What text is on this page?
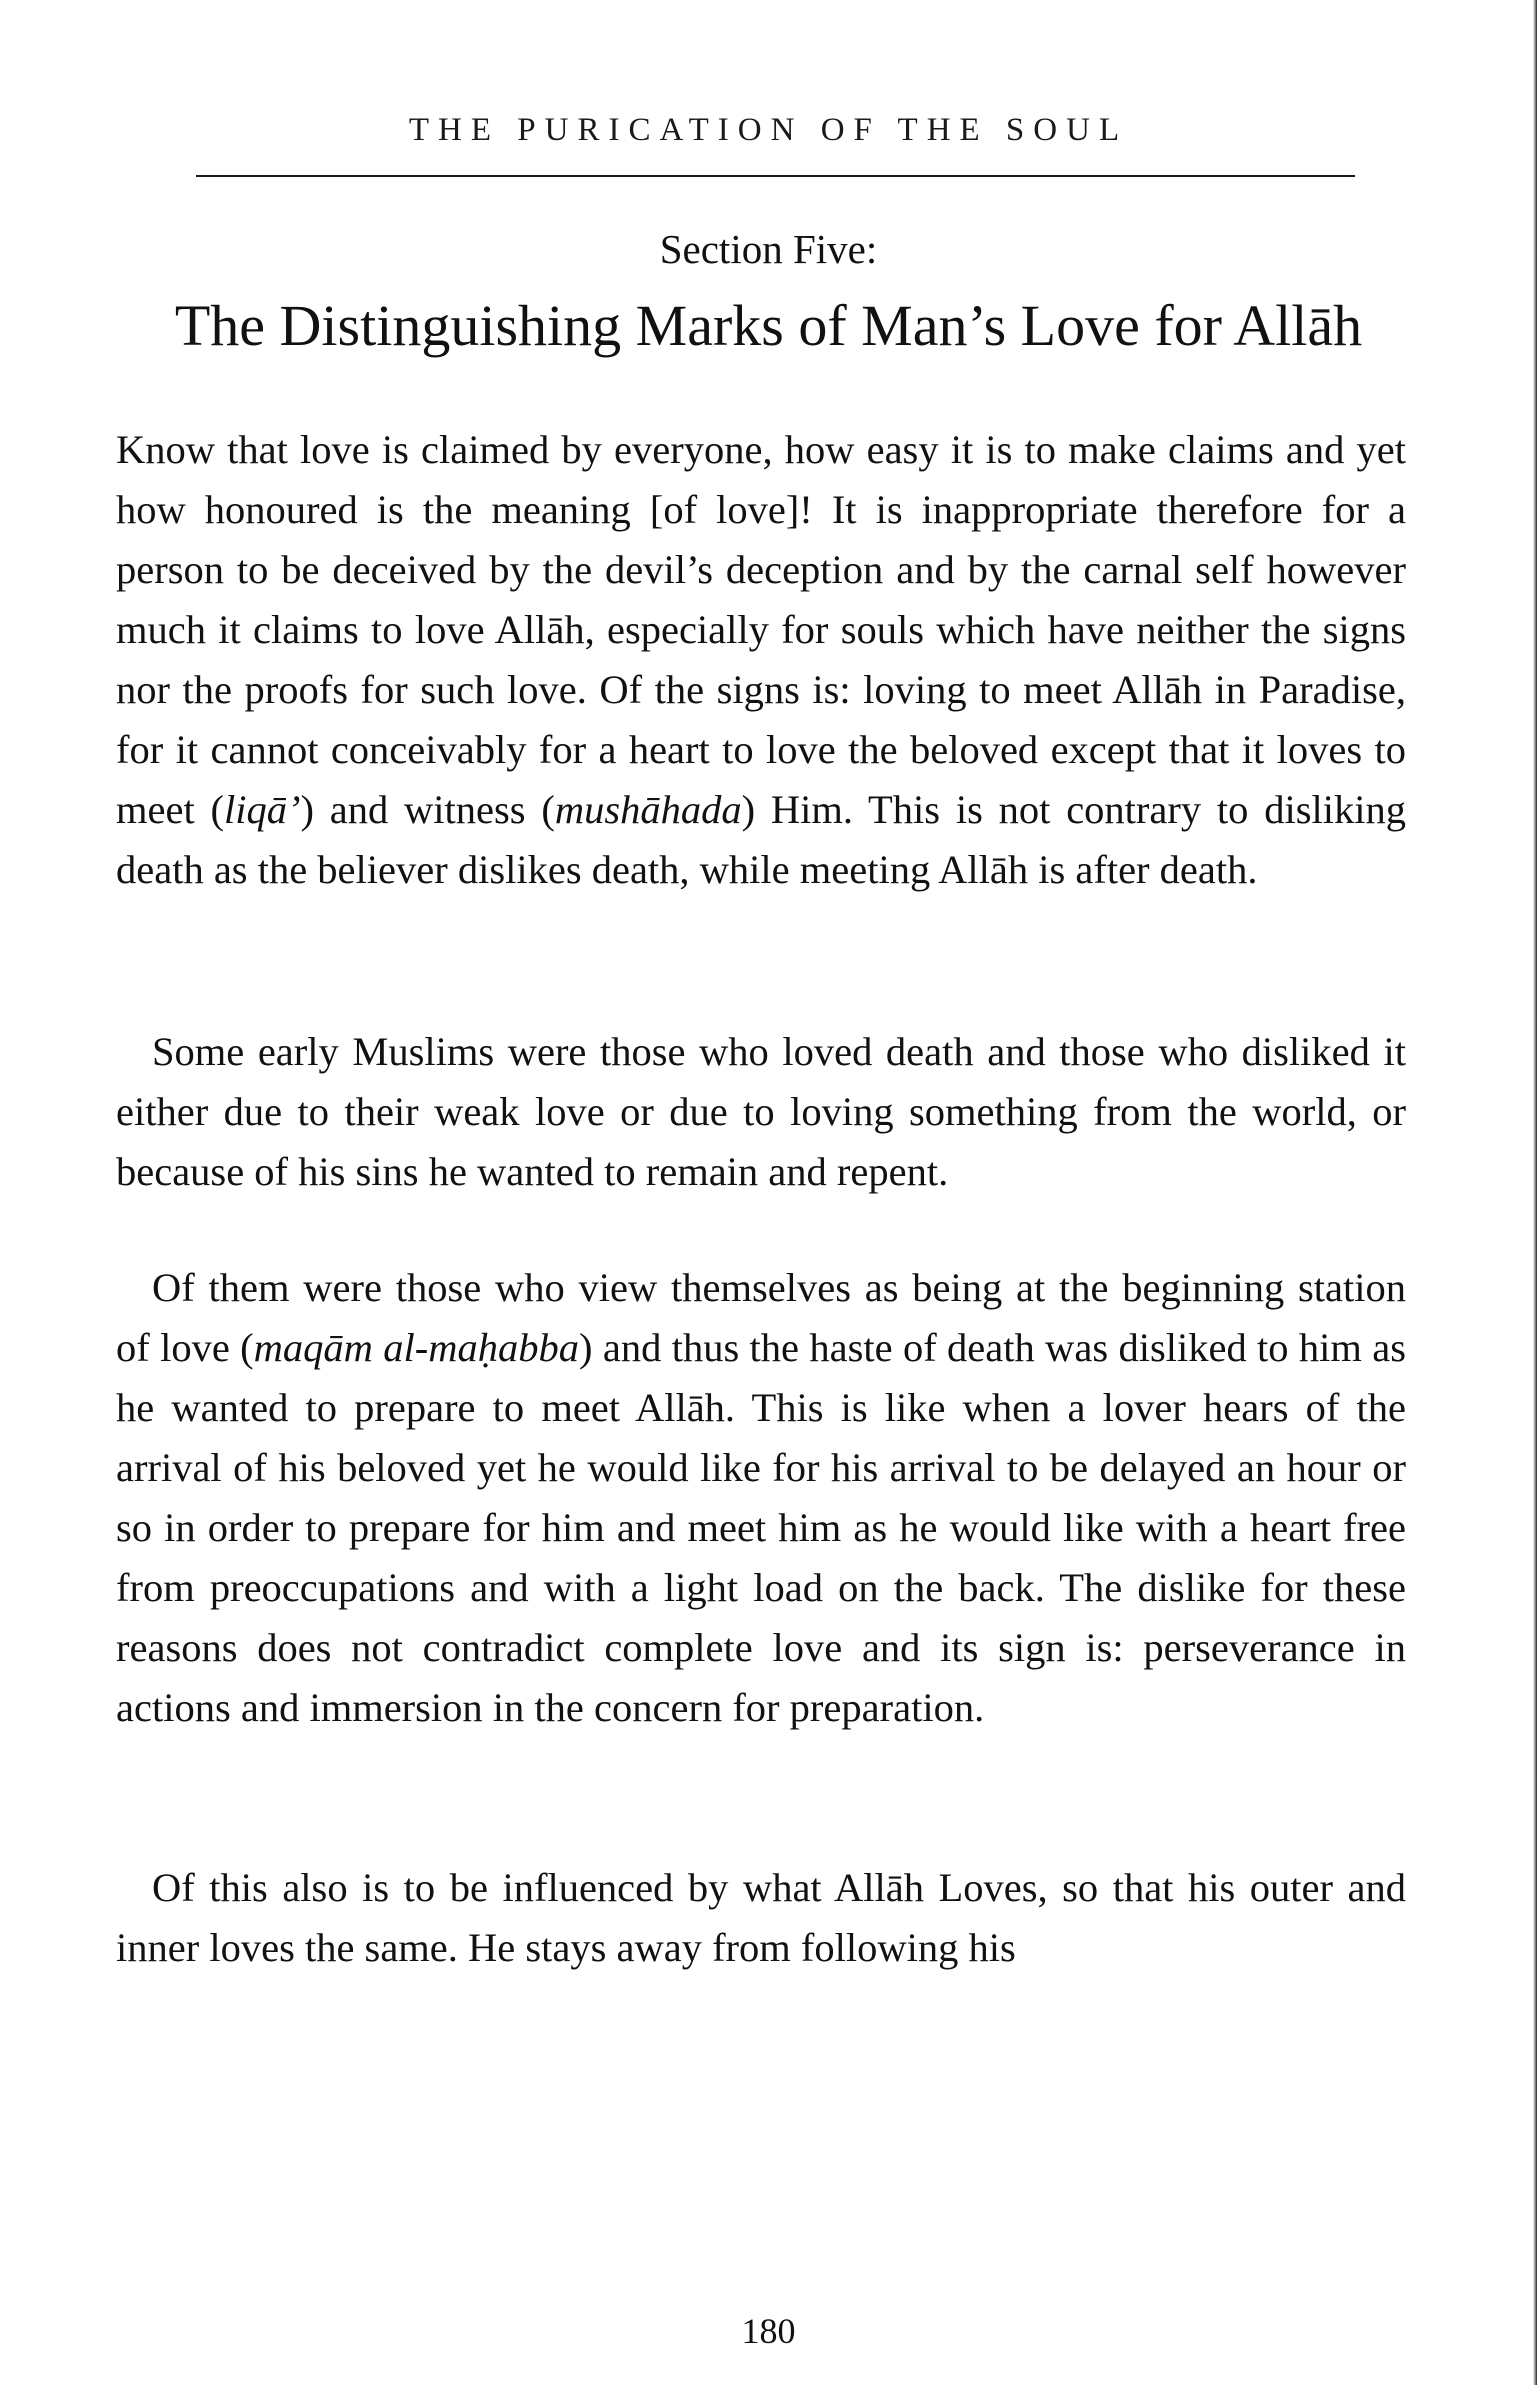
THE PURICATION OF THE SOUL
Section Five:
The Distinguishing Marks of Man’s Love for Allāh

Know that love is claimed by everyone, how easy it is to make claims and yet how honoured is the meaning [of love]! It is inappropriate therefore for a person to be deceived by the devil’s deception and by the carnal self however much it claims to love Allāh, especially for souls which have neither the signs nor the proofs for such love. Of the signs is: loving to meet Allāh in Paradise, for it cannot conceivably for a heart to love the beloved except that it loves to meet (liqā’) and witness (mushāhada) Him. This is not contrary to disliking death as the believer dislikes death, while meeting Allāh is after death.

Some early Muslims were those who loved death and those who disliked it either due to their weak love or due to loving something from the world, or because of his sins he wanted to remain and repent.

Of them were those who view themselves as being at the beginning station of love (maqām al-maḥabba) and thus the haste of death was disliked to him as he wanted to prepare to meet Allāh. This is like when a lover hears of the arrival of his beloved yet he would like for his arrival to be delayed an hour or so in order to prepare for him and meet him as he would like with a heart free from preoccupations and with a light load on the back. The dislike for these reasons does not contradict complete love and its sign is: perseverance in actions and immersion in the concern for preparation.

Of this also is to be influenced by what Allāh Loves, so that his outer and inner loves the same. He stays away from following his

180
